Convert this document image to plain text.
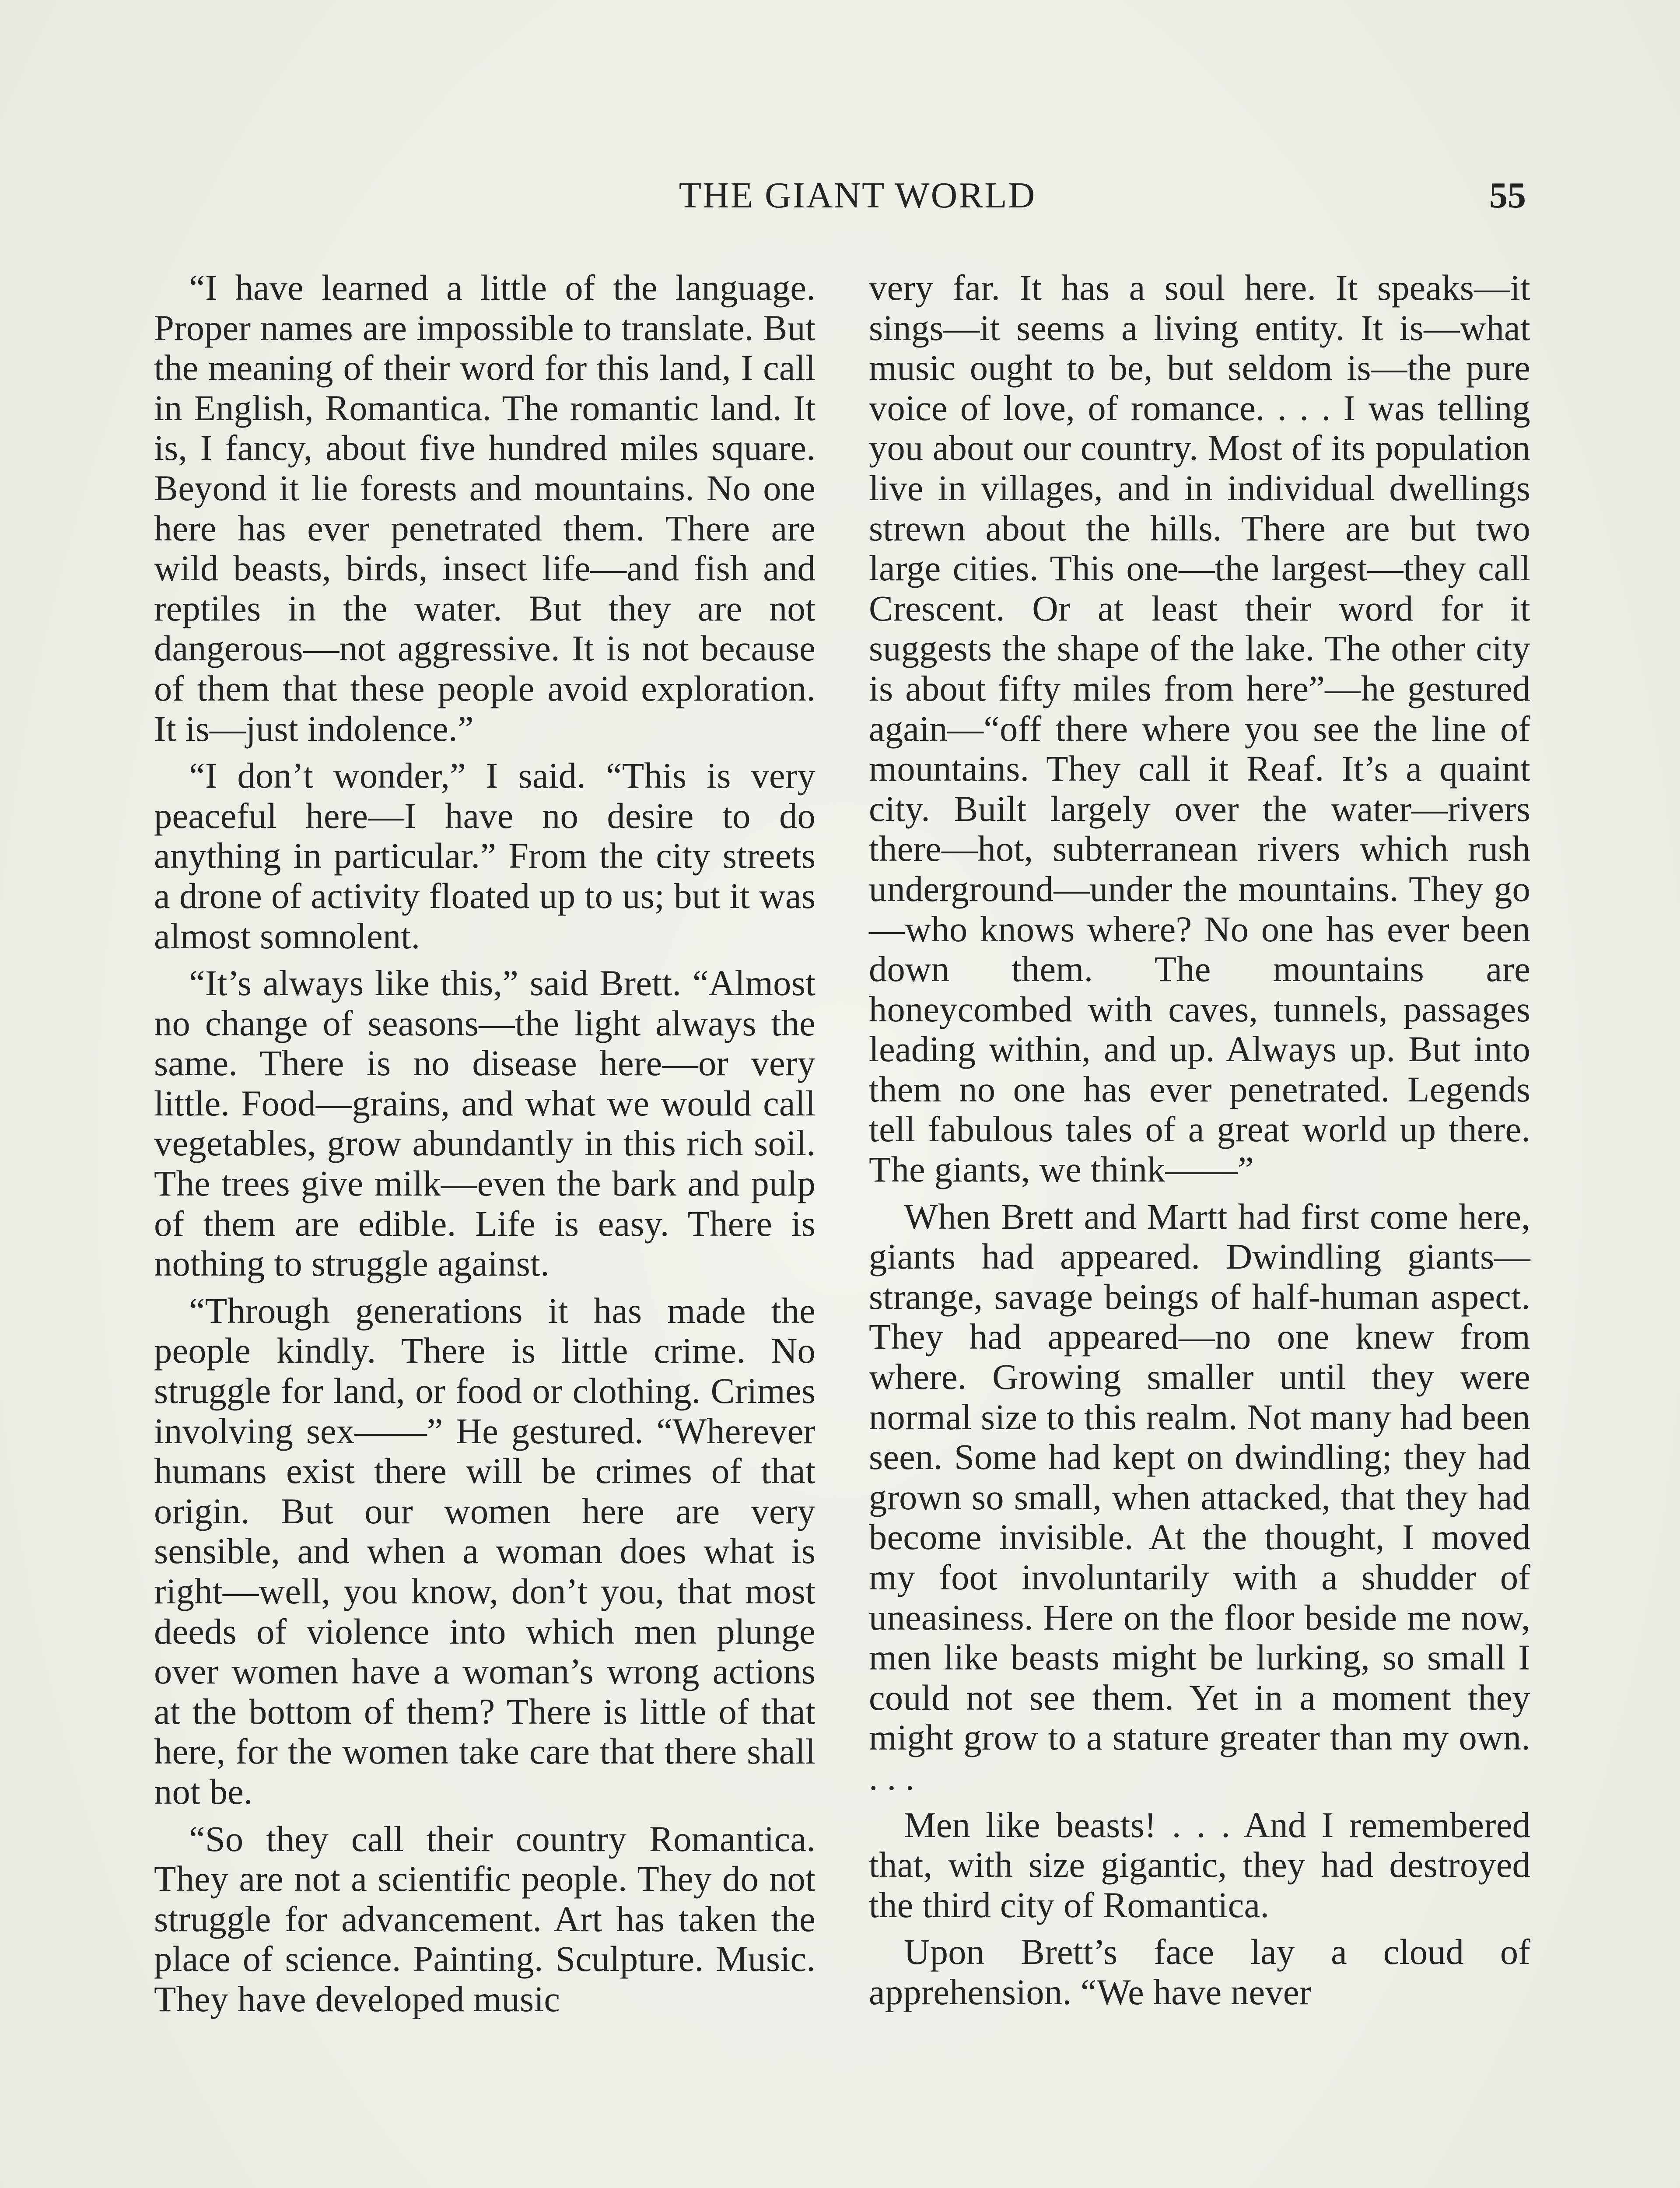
THE GIANT WORLD	55

“I have learned a little of the language. Proper names are impossible to translate. But the meaning of their word for this land, I call in English, Romantica. The romantic land. It is, I fancy, about five hundred miles square. Beyond it lie forests and mountains. No one here has ever penetrated them. There are wild beasts, birds, insect life—and fish and reptiles in the water. But they are not dangerous—not aggressive. It is not because of them that these people avoid exploration. It is—just indolence.”

“I don’t wonder,” I said. “This is very peaceful here—I have no desire to do anything in particular.” From the city streets a drone of activity floated up to us; but it was almost somnolent.

“It’s always like this,” said Brett. “Almost no change of seasons—the light always the same. There is no disease here—or very little. Food—grains, and what we would call vegetables, grow abundantly in this rich soil. The trees give milk—even the bark and pulp of them are edible. Life is easy. There is nothing to struggle against.

“Through generations it has made the people kindly. There is little crime. No struggle for land, or food or clothing. Crimes involving sex——” He gestured. “Wherever humans exist there will be crimes of that origin. But our women here are very sensible, and when a woman does what is right—well, you know, don’t you, that most deeds of violence into which men plunge over women have a woman’s wrong actions at the bottom of them? There is little of that here, for the women take care that there shall not be.

“So they call their country Romantica. They are not a scientific people. They do not struggle for advancement. Art has taken the place of science. Painting. Sculpture. Music. They have developed music

very far. It has a soul here. It speaks—it sings—it seems a living entity. It is—what music ought to be, but seldom is—the pure voice of love, of romance. . . . I was telling you about our country. Most of its population live in villages, and in individual dwellings strewn about the hills. There are but two large cities. This one—the largest—they call Crescent. Or at least their word for it suggests the shape of the lake. The other city is about fifty miles from here”—he gestured again—“off there where you see the line of mountains. They call it Reaf. It’s a quaint city. Built largely over the water—rivers there—hot, subterranean rivers which rush underground—under the mountains. They go—who knows where? No one has ever been down them. The mountains are honeycombed with caves, tunnels, passages leading within, and up. Always up. But into them no one has ever penetrated. Legends tell fabulous tales of a great world up there. The giants, we think——”

When Brett and Martt had first come here, giants had appeared. Dwindling giants—strange, savage beings of half-human aspect. They had appeared—no one knew from where. Growing smaller until they were normal size to this realm. Not many had been seen. Some had kept on dwindling; they had grown so small, when attacked, that they had become invisible. At the thought, I moved my foot involuntarily with a shudder of uneasiness. Here on the floor beside me now, men like beasts might be lurking, so small I could not see them. Yet in a moment they might grow to a stature greater than my own. . . .

Men like beasts! . . . And I remembered that, with size gigantic, they had destroyed the third city of Romantica.

Upon Brett’s face lay a cloud of apprehension. “We have never
